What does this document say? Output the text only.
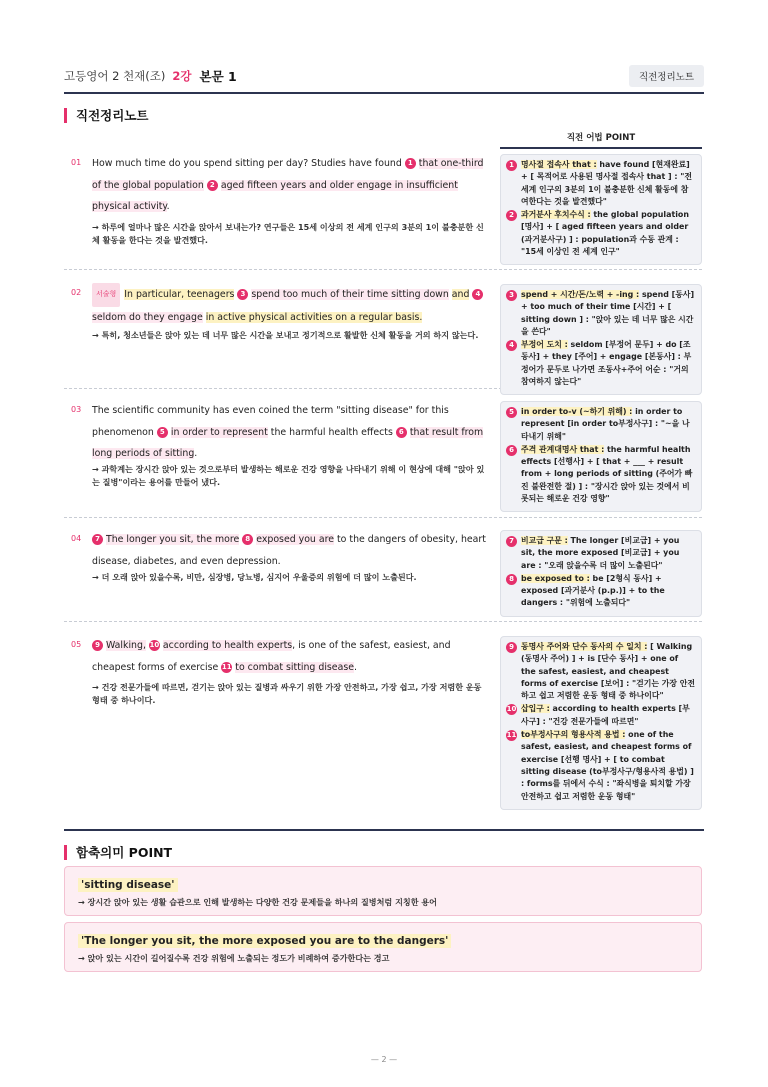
고등영어 2 천재(조) 2강 본문 1	직전정리노트
직전정리노트
직전 어법 POINT
01 How much time do you spend sitting per day? Studies have found 1 that one-third of the global population 2 aged fifteen years and older engage in insufficient physical activity.
→ 하루에 얼마나 많은 시간을 앉아서 보내는가? 연구들은 15세 이상의 전 세계 인구의 3분의 1이 불충분한 신체 활동을 한다는 것을 발견했다.
1 명사절 접속사 that : have found [현재완료] + [ 목적어로 사용된 명사절 접속사 that ] : "전 세계 인구의 3분의 1이 불충분한 신체 활동에 참여한다는 것을 발견했다"
2 과거분사 후치수식 : the global population [명사] + [ aged fifteen years and older (과거분사구) ] : population과 수동 관계 : "15세 이상인 전 세계 인구"
02	서술형 In particular, teenagers 3 spend too much of their time sitting down and 4seldom do they engage in active physical activities on a regular basis.
→ 특히, 청소년들은 앉아 있는 데 너무 많은 시간을 보내고 정기적으로 활발한 신체 활동을 거의 하지 않는다.
3 spend + 시간/돈/노력 + -ing : spend [동사] + too much of their time [시간] + [ sitting down ] : "앉아 있는 데 너무 많은 시간을 쓴다"
4 부정어 도치 : seldom [부정어 문두] + do [조동사] + they [주어] + engage [본동사] : 부정어가 문두로 나가면 조동사+주어 어순 : "거의 참여하지 않는다"
03 The scientific community has even coined the term "sitting disease" for this phenomenon 5 in order to represent the harmful health effects 6 that result from long periods of sitting.
→ 과학계는 장시간 앉아 있는 것으로부터 발생하는 해로운 건강 영향을 나타내기 위해 이 현상에 대해 "앉아 있는 질병"이라는 용어를 만들어 냈다.
5 in order to-v (~하기 위해) : in order to represent [in order to부정사구] : "~을 나타내기 위해"
6 주격 관계대명사 that : the harmful health effects [선행사] + [ that + ___ + result from + long periods of sitting (주어가 빠진 불완전한 절) ] : "장시간 앉아 있는 것에서 비롯되는 해로운 건강 영향"
04	7 The longer you sit, the more 8 exposed you are to the dangers of obesity, heart disease, diabetes, and even depression.
→ 더 오래 앉아 있을수록, 비만, 심장병, 당뇨병, 심지어 우울증의 위험에 더 많이 노출된다.
7 비교급 구문 : The longer [비교급] + you sit, the more exposed [비교급] + you are : "오래 앉을수록 더 많이 노출된다"
8 be exposed to : be [2형식 동사] + exposed [과거분사 (p.p.)] + to the dangers : "위험에 노출되다"
05	9 Walking, 10 according to health experts, is one of the safest, easiest, and cheapest forms of exercise 11 to combat sitting disease.
→ 건강 전문가들에 따르면, 걷기는 앉아 있는 질병과 싸우기 위한 가장 안전하고, 가장 쉽고, 가장 저렴한 운동 형태 중 하나이다.
9 동명사 주어와 단수 동사의 수 일치 : [ Walking (동명사 주어) ] + is [단수 동사] + one of the safest, easiest, and cheapest forms of exercise [보어] : "걷기는 가장 안전하고 쉽고 저렴한 운동 형태 중 하나이다"
10 삽입구 : according to health experts [부사구] : "건강 전문가들에 따르면"
11 to부정사구의 형용사적 용법 : one of the safest, easiest, and cheapest forms of exercise [선행 명사] + [ to combat sitting disease (to부정사구/형용사적 용법) ] : forms를 뒤에서 수식 : "좌식병을 퇴치할 가장 안전하고 쉽고 저렴한 운동 형태"
함축의미 POINT
'sitting disease'
→ 장시간 앉아 있는 생활 습관으로 인해 발생하는 다양한 건강 문제들을 하나의 질병처럼 지칭한 용어
'The longer you sit, the more exposed you are to the dangers'
→ 앉아 있는 시간이 길어질수록 건강 위험에 노출되는 정도가 비례하여 증가한다는 경고
— 2 —
